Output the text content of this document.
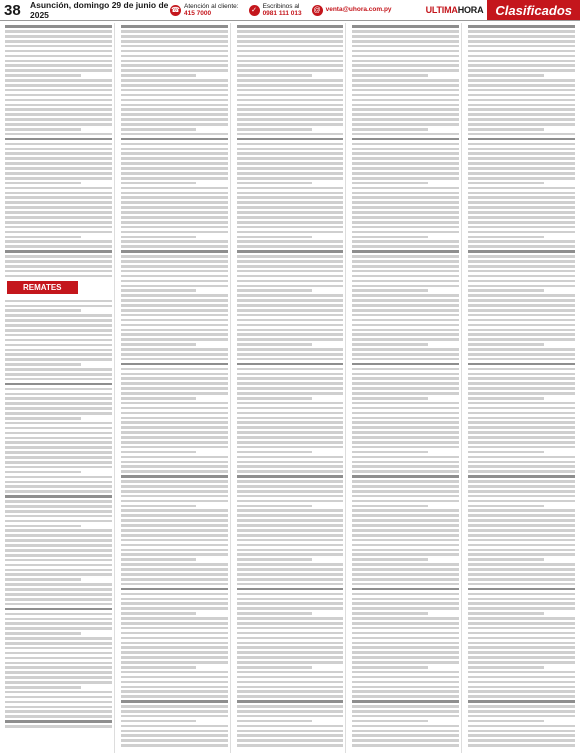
38	Asunción, domingo 29 de junio de 2025	☎
Atención al cliente:
415 7000	✓
Escribinos al
0981 111 013 @ venta@uhora.com.py	ULTIMA HORA Clasificados
REMATES
